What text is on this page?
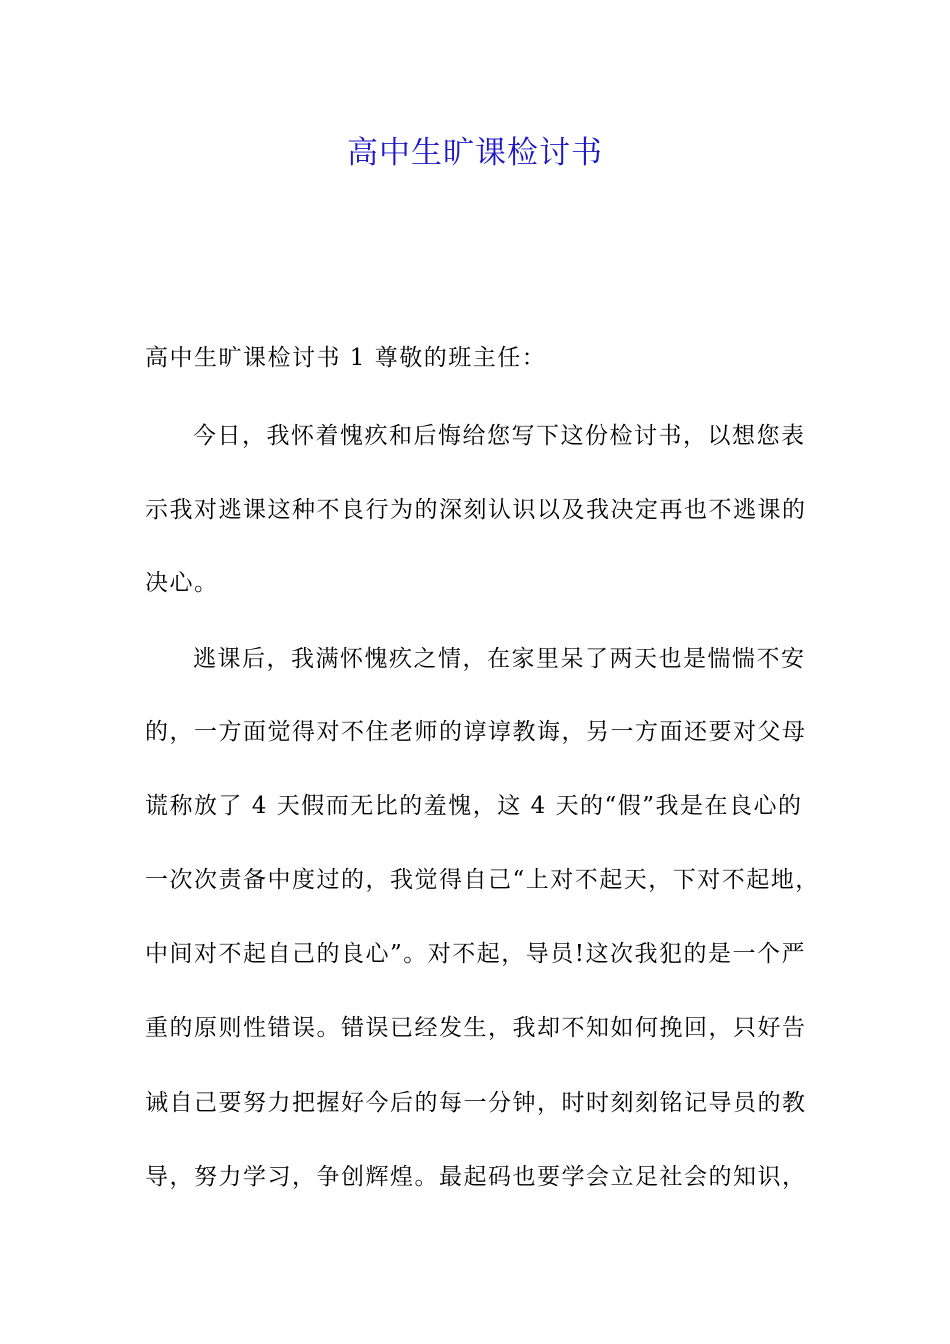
高中生旷课检讨书
高中生旷课检讨书 1 尊敬的班主任：
今日，我怀着愧疚和后悔给您写下这份检讨书，以想您表
示我对逃课这种不良行为的深刻认识以及我决定再也不逃课的
决心。
逃课后，我满怀愧疚之情，在家里呆了两天也是惴惴不安
的，一方面觉得对不住老师的谆谆教诲，另一方面还要对父母
谎称放了 4 天假而无比的羞愧，这 4 天的“假”我是在良心的
一次次责备中度过的，我觉得自己“上对不起天，下对不起地，
中间对不起自己的良心”。对不起，导员!这次我犯的是一个严
重的原则性错误。错误已经发生，我却不知如何挽回，只好告
诫自己要努力把握好今后的每一分钟，时时刻刻铭记导员的教
导，努力学习，争创辉煌。最起码也要学会立足社会的知识，
